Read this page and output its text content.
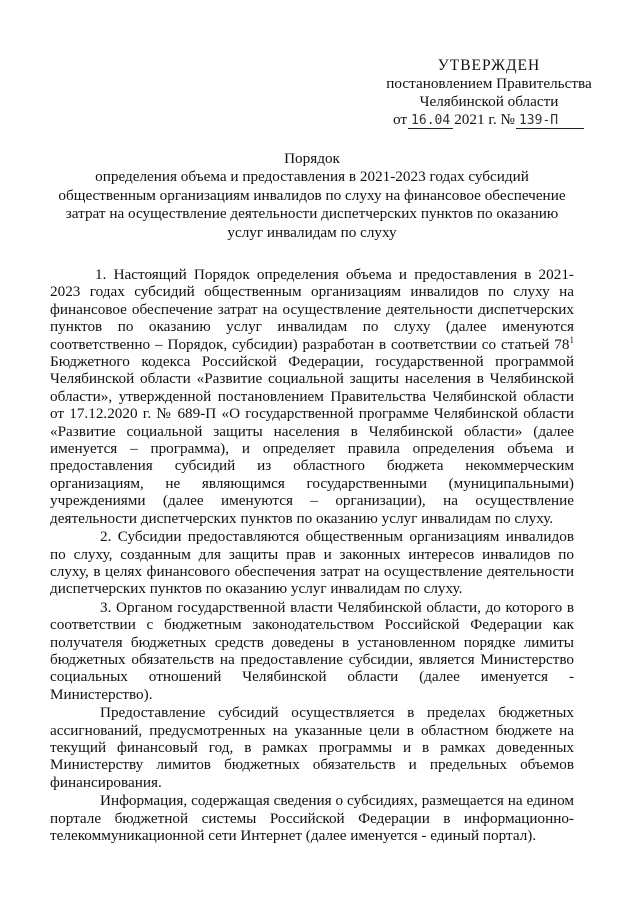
УТВЕРЖДЕН
постановлением Правительства
Челябинской области
от 16.04 2021 г. № 139-П
Порядок
определения объема и предоставления в 2021-2023 годах субсидий
общественным организациям инвалидов по слуху на финансовое обеспечение
затрат на осуществление деятельности диспетчерских пунктов по оказанию
услуг инвалидам по слуху

1. Настоящий Порядок определения объема и предоставления в 2021-2023 годах субсидий общественным организациям инвалидов по слуху на финансовое обеспечение затрат на осуществление деятельности диспетчерских пунктов по оказанию услуг инвалидам по слуху (далее именуются соответственно – Порядок, субсидии) разработан в соответствии со статьей $78^1$ Бюджетного кодекса Российской Федерации, государственной программой Челябинской области «Развитие социальной защиты населения в Челябинской области», утвержденной постановлением Правительства Челябинской области от 17.12.2020 г. № 689-П «О государственной программе Челябинской области «Развитие социальной защиты населения в Челябинской области» (далее именуется – программа), и определяет правила определения объема и предоставления субсидий из областного бюджета некоммерческим организациям, не являющимся государственными (муниципальными) учреждениями (далее именуются – организации), на осуществление деятельности диспетчерских пунктов по оказанию услуг инвалидам по слуху.

2. Субсидии предоставляются общественным организациям инвалидов по слуху, созданным для защиты прав и законных интересов инвалидов по слуху, в целях финансового обеспечения затрат на осуществление деятельности диспетчерских пунктов по оказанию услуг инвалидам по слуху.

3. Органом государственной власти Челябинской области, до которого в соответствии с бюджетным законодательством Российской Федерации как получателя бюджетных средств доведены в установленном порядке лимиты бюджетных обязательств на предоставление субсидии, является Министерство социальных отношений Челябинской области (далее именуется - Министерство).

Предоставление субсидий осуществляется в пределах бюджетных ассигнований, предусмотренных на указанные цели в областном бюджете на текущий финансовый год, в рамках программы и в рамках доведенных Министерству лимитов бюджетных обязательств и предельных объемов финансирования.

Информация, содержащая сведения о субсидиях, размещается на едином портале бюджетной системы Российской Федерации в информационно-телекоммуникационной сети Интернет (далее именуется - единый портал).
